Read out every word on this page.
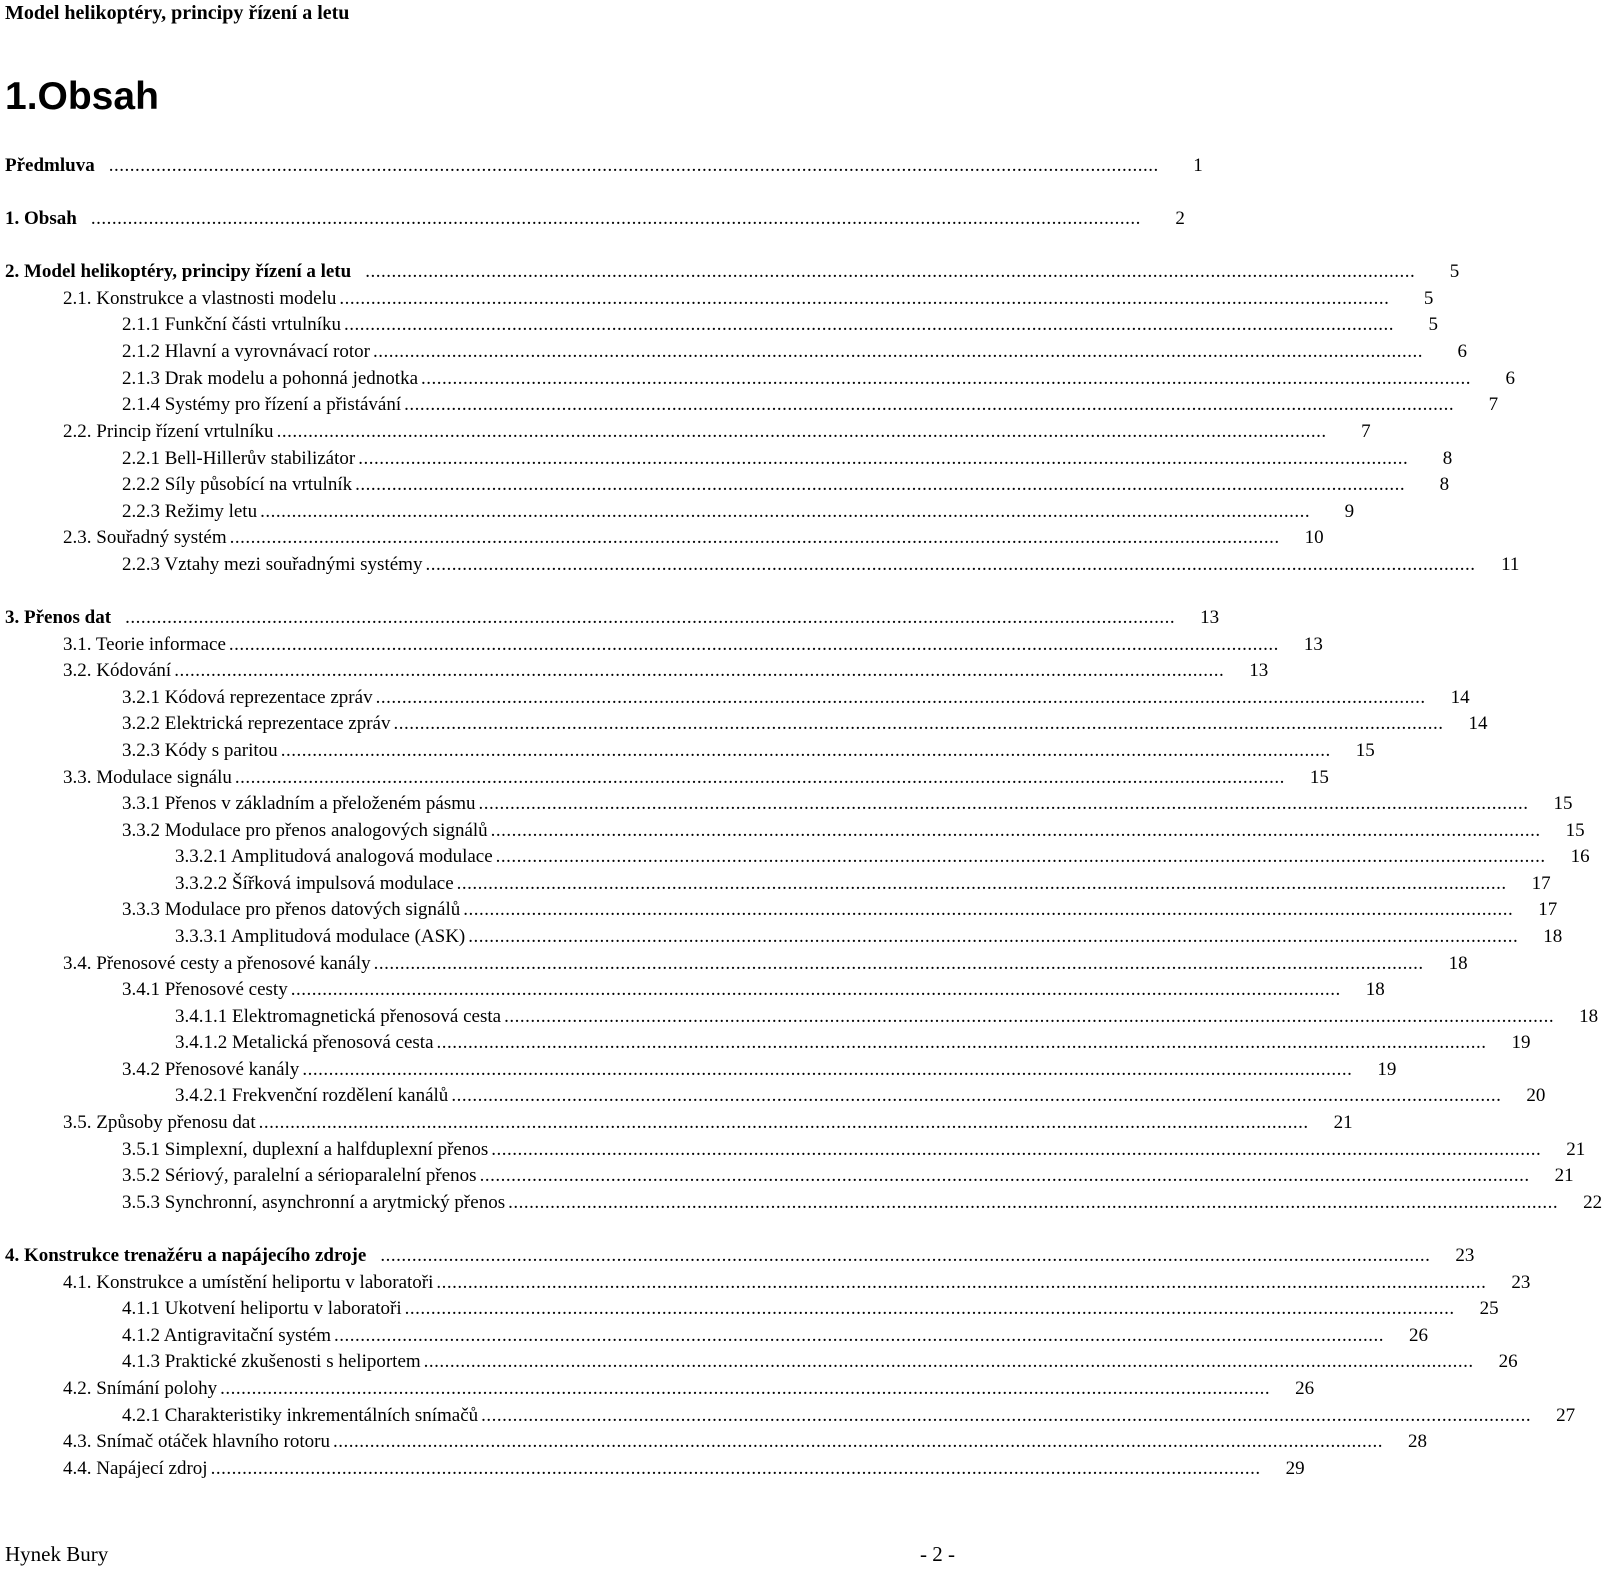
Model helikoptéry, principy řízení a letu
1.Obsah
Předmluva ........................................................................................................................................................................................................	1
1. Obsah ........................................................................................................................................................................................................	2
2. Model helikoptéry, principy řízení a letu ........................................................................................................................................................................................................	5
2.1. Konstrukce a vlastnosti modelu ........................................................................................................................................................................................................	5
2.1.1 Funkční části vrtulníku ........................................................................................................................................................................................................	5
2.1.2 Hlavní a vyrovnávací rotor ........................................................................................................................................................................................................	6
2.1.3 Drak modelu a pohonná jednotka ........................................................................................................................................................................................................	6
2.1.4 Systémy pro řízení a přistávání ........................................................................................................................................................................................................	7
2.2. Princip řízení vrtulníku ........................................................................................................................................................................................................	7
2.2.1 Bell-Hillerův stabilizátor ........................................................................................................................................................................................................	8
2.2.2 Síly působící na vrtulník ........................................................................................................................................................................................................	8
2.2.3 Režimy letu ........................................................................................................................................................................................................	9
2.3. Souřadný systém ........................................................................................................................................................................................................	10
2.2.3 Vztahy mezi souřadnými systémy ........................................................................................................................................................................................................	11
3. Přenos dat ........................................................................................................................................................................................................	13
3.1. Teorie informace ........................................................................................................................................................................................................	13
3.2. Kódování ........................................................................................................................................................................................................	13
3.2.1 Kódová reprezentace zpráv ........................................................................................................................................................................................................	14
3.2.2 Elektrická reprezentace zpráv ........................................................................................................................................................................................................	14
3.2.3 Kódy s paritou ........................................................................................................................................................................................................	15
3.3. Modulace signálu ........................................................................................................................................................................................................	15
3.3.1 Přenos v základním a přeloženém pásmu ........................................................................................................................................................................................................	15
3.3.2 Modulace pro přenos analogových signálů ........................................................................................................................................................................................................	15
3.3.2.1 Amplitudová analogová modulace ........................................................................................................................................................................................................	16
3.3.2.2 Šířková impulsová modulace ........................................................................................................................................................................................................	17
3.3.3 Modulace pro přenos datových signálů ........................................................................................................................................................................................................	17
3.3.3.1 Amplitudová modulace (ASK) ........................................................................................................................................................................................................	18
3.4. Přenosové cesty a přenosové kanály ........................................................................................................................................................................................................	18
3.4.1 Přenosové cesty ........................................................................................................................................................................................................	18
3.4.1.1 Elektromagnetická přenosová cesta ........................................................................................................................................................................................................	18
3.4.1.2 Metalická přenosová cesta ........................................................................................................................................................................................................	19
3.4.2 Přenosové kanály ........................................................................................................................................................................................................	19
3.4.2.1 Frekvenční rozdělení kanálů ........................................................................................................................................................................................................	20
3.5. Způsoby přenosu dat ........................................................................................................................................................................................................	21
3.5.1 Simplexní, duplexní a halfduplexní přenos ........................................................................................................................................................................................................	21
3.5.2 Sériový, paralelní a sérioparalelní přenos ........................................................................................................................................................................................................	21
3.5.3 Synchronní, asynchronní a arytmický přenos ........................................................................................................................................................................................................	22
4. Konstrukce trenažéru a napájecího zdroje ........................................................................................................................................................................................................	23
4.1. Konstrukce a umístění heliportu v laboratoři ........................................................................................................................................................................................................	23
4.1.1 Ukotvení heliportu v laboratoři ........................................................................................................................................................................................................	25
4.1.2 Antigravitační systém ........................................................................................................................................................................................................	26
4.1.3 Praktické zkušenosti s heliportem ........................................................................................................................................................................................................	26
4.2. Snímání polohy ........................................................................................................................................................................................................	26
4.2.1 Charakteristiky inkrementálních snímačů ........................................................................................................................................................................................................	27
4.3. Snímač otáček hlavního rotoru ........................................................................................................................................................................................................	28
4.4. Napájecí zdroj ........................................................................................................................................................................................................	29
Hynek Bury	- 2 -
